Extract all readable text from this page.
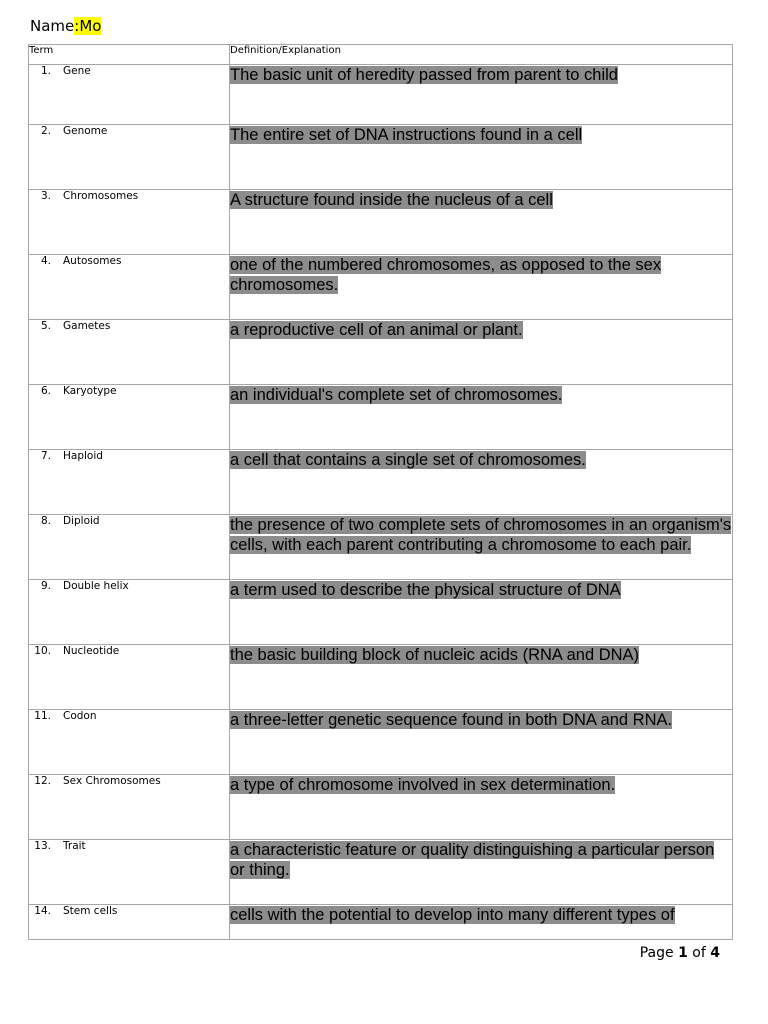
Name:Mo
Term	Definition/Explanation
1. Gene	The basic unit of heredity passed from parent to child
2. Genome	The entire set of DNA instructions found in a cell
3. Chromosomes	A structure found inside the nucleus of a cell
4. Autosomes	one of the numbered chromosomes, as opposed to the sex chromosomes.
5. Gametes	a reproductive cell of an animal or plant.
6. Karyotype	an individual's complete set of chromosomes.
7. Haploid	a cell that contains a single set of chromosomes.
8. Diploid	the presence of two complete sets of chromosomes in an organism's cells, with each parent contributing a chromosome to each pair.
9. Double helix	a term used to describe the physical structure of DNA
10. Nucleotide	the basic building block of nucleic acids (RNA and DNA)
11. Codon	a three-letter genetic sequence found in both DNA and RNA.
12. Sex Chromosomes	a type of chromosome involved in sex determination.
13. Trait	a characteristic feature or quality distinguishing a particular person or thing.
14. Stem cells	cells with the potential to develop into many different types of
Page 1 of 4
